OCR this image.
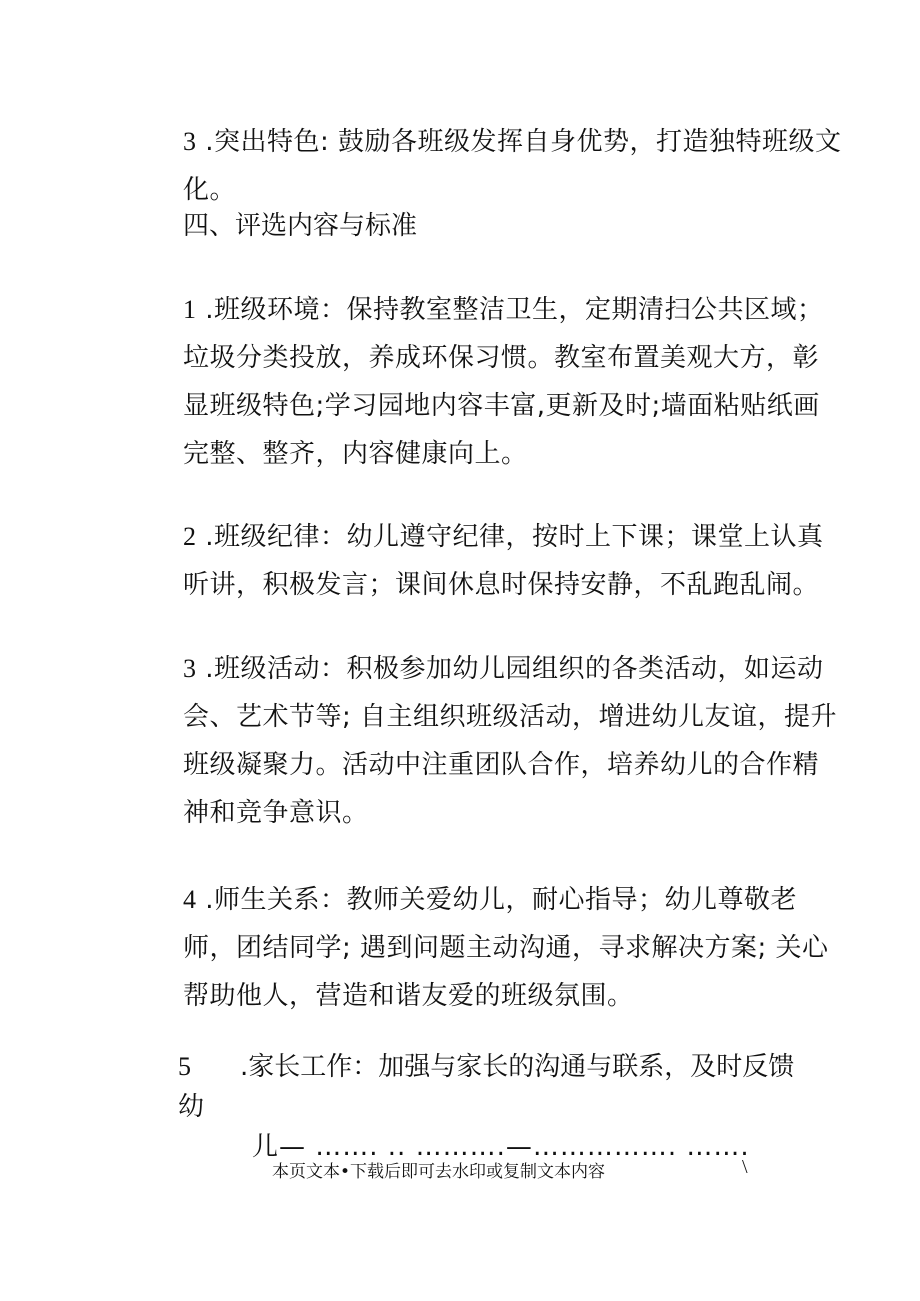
3 .突出特色: 鼓励各班级发挥自身优势，打造独特班级文化。
四、评选内容与标准
1 .班级环境：保持教室整洁卫生，定期清扫公共区域；垃圾分类投放，养成环保习惯。教室布置美观大方，彰显班级特色;学习园地内容丰富,更新及时;墙面粘贴纸画完整、整齐，内容健康向上。
2 .班级纪律：幼儿遵守纪律，按时上下课；课堂上认真听讲，积极发言；课间休息时保持安静，不乱跑乱闹。
3 .班级活动：积极参加幼儿园组织的各类活动，如运动会、艺术节等; 自主组织班级活动，增进幼儿友谊，提升班级凝聚力。活动中注重团队合作，培养幼儿的合作精神和竞争意识。
4 .师生关系：教师关爱幼儿，耐心指导；幼儿尊敬老师，团结同学; 遇到问题主动沟通，寻求解决方案; 关心帮助他人，营造和谐友爱的班级氛围。
5 .家长工作：加强与家长的沟通与联系，及时反馈幼
儿— ……. .. ……….—……………. …….
本页文本•下载后即可去水印或复制文本内容	\
